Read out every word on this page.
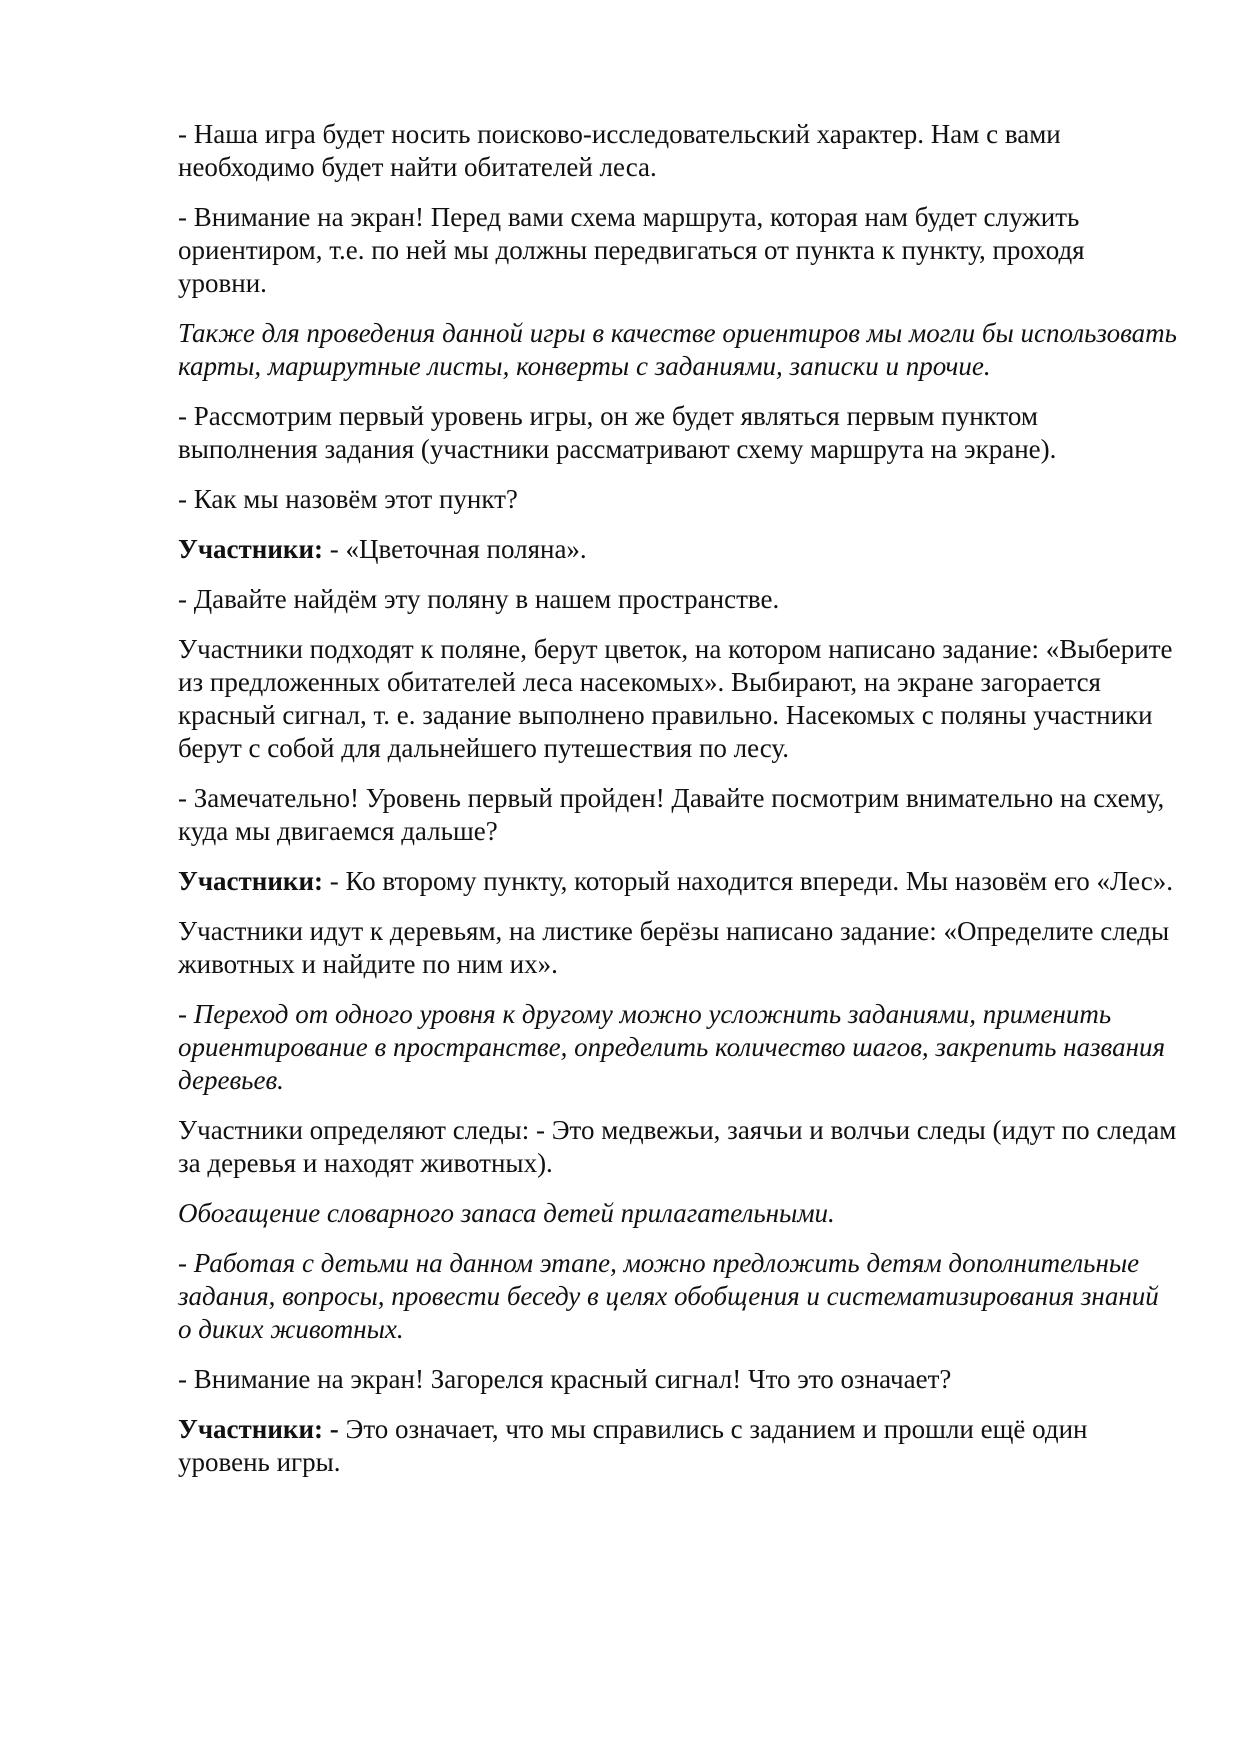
- Наша игра будет носить поисково-исследовательский характер. Нам с вами необходимо будет найти обитателей леса.

- Внимание на экран! Перед вами схема маршрута, которая нам будет служить ориентиром, т.е. по ней мы должны передвигаться от пункта к пункту, проходя уровни.

Также для проведения данной игры в качестве ориентиров мы могли бы использовать карты, маршрутные листы, конверты с заданиями, записки и прочие.

- Рассмотрим первый уровень игры, он же будет являться первым пунктом выполнения задания (участники рассматривают схему маршрута на экране).

- Как мы назовём этот пункт?

Участники: - «Цветочная поляна».

- Давайте найдём эту поляну в нашем пространстве.

Участники подходят к поляне, берут цветок, на котором написано задание: «Выберите из предложенных обитателей леса насекомых». Выбирают, на экране загорается красный сигнал, т. е. задание выполнено правильно. Насекомых с поляны участники берут с собой для дальнейшего путешествия по лесу.

- Замечательно! Уровень первый пройден! Давайте посмотрим внимательно на схему, куда мы двигаемся дальше?

Участники: - Ко второму пункту, который находится впереди. Мы назовём его «Лес».

Участники идут к деревьям, на листике берёзы написано задание: «Определите следы животных и найдите по ним их».

- Переход от одного уровня к другому можно усложнить заданиями, применить ориентирование в пространстве, определить количество шагов, закрепить названия деревьев.

Участники определяют следы: - Это медвежьи, заячьи и волчьи следы (идут по следам за деревья и находят животных).

Обогащение словарного запаса детей прилагательными.

- Работая с детьми на данном этапе, можно предложить детям дополнительные задания, вопросы, провести беседу в целях обобщения и систематизирования знаний о диких животных.

- Внимание на экран! Загорелся красный сигнал! Что это означает?

Участники: - Это означает, что мы справились с заданием и прошли ещё один уровень игры.
